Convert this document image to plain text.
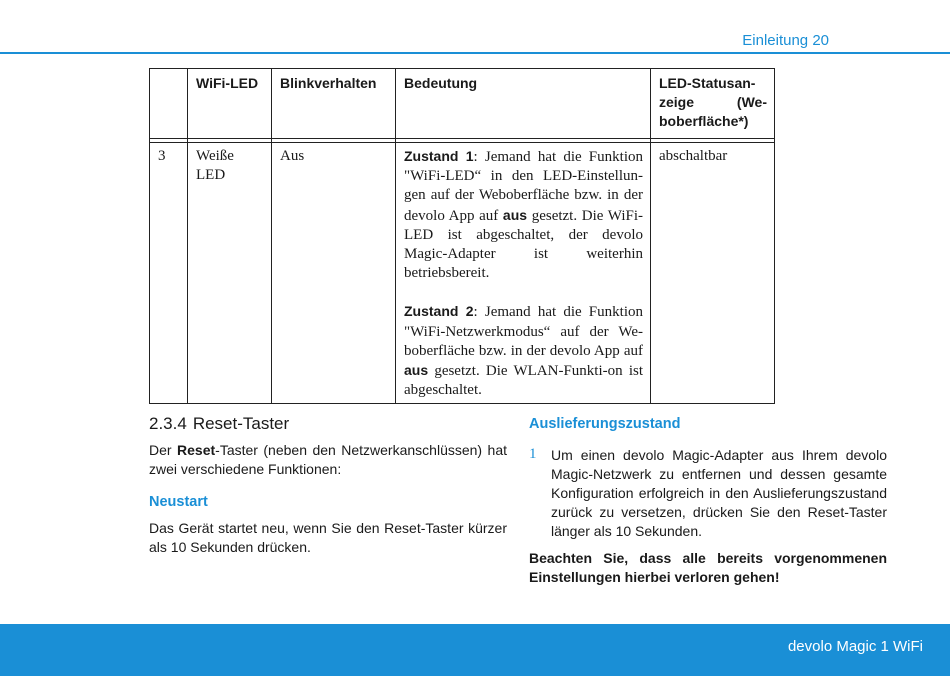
Einleitung 20
	WiFi-LED	Blinkverhalten	Bedeutung	LED-Statusan-zeige (We-boberfläche*)

3	Weiße LED	Aus	Zustand 1: Jemand hat die Funktion "WiFi-LED“ in den LED-Einstellun-gen auf der Weboberfläche bzw. in der devolo App auf aus gesetzt. Die WiFi-LED ist abgeschaltet, der devolo Magic-Adapter ist weiterhin betriebsbereit.

Zustand 2: Jemand hat die Funktion "WiFi-Netzwerkmodus“ auf der We-boberfläche bzw. in der devolo App auf aus gesetzt. Die WLAN-Funkti-on ist abgeschaltet.	abschaltbar
2.3.4 Reset-Taster

Der Reset-Taster (neben den Netzwerkanschlüssen) hat zwei verschiedene Funktionen:

Neustart

Das Gerät startet neu, wenn Sie den Reset-Taster kürzer als 10 Sekunden drücken.

Auslieferungszustand
1	Um einen devolo Magic-Adapter aus Ihrem devolo Magic-Netzwerk zu entfernen und dessen gesamte Konfiguration erfolgreich in den Auslieferungszustand zurück zu versetzen, drücken Sie den Reset-Taster länger als 10 Sekunden.

Beachten Sie, dass alle bereits vorgenommenen Einstellungen hierbei verloren gehen!

devolo Magic 1 WiFi
